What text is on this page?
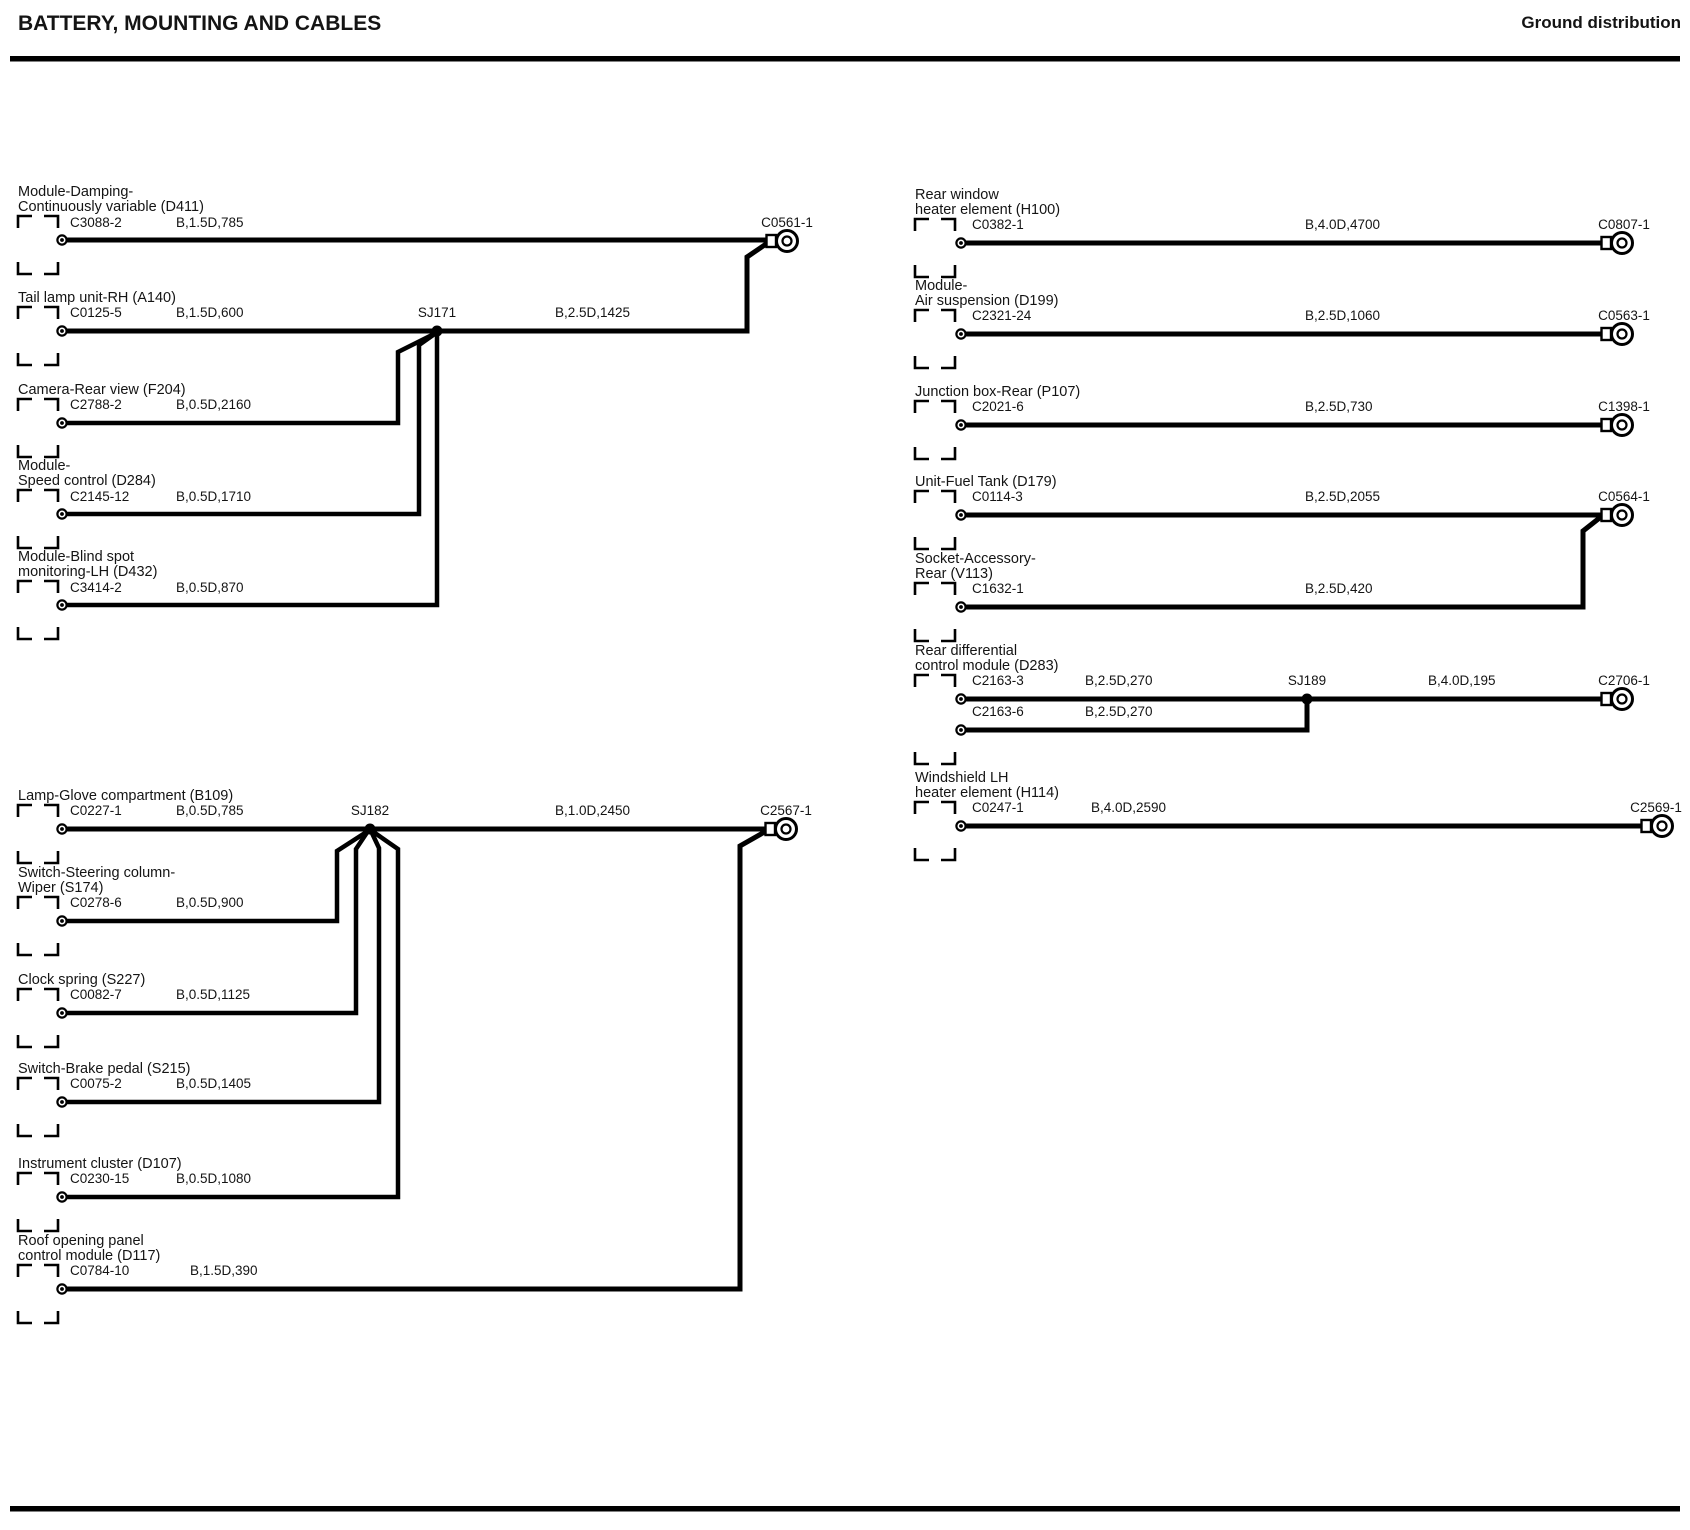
BATTERY, MOUNTING AND CABLES	Ground distribution
Module-Damping-
Continuously variable (D411)
C3088-2	B,1.5D,785	C0561-1
Tail lamp unit-RH (A140)
C0125-5	B,1.5D,600	SJ171	B,2.5D,1425
Camera-Rear view (F204)
C2788-2	B,0.5D,2160
Module-
Speed control (D284)
C2145-12	B,0.5D,1710
Module-Blind spot
monitoring-LH (D432)
C3414-2	B,0.5D,870
Lamp-Glove compartment (B109)
C0227-1	B,0.5D,785	SJ182	B,1.0D,2450	C2567-1
Switch-Steering column-
Wiper (S174)
C0278-6	B,0.5D,900
Clock spring (S227)
C0082-7	B,0.5D,1125
Switch-Brake pedal (S215)
C0075-2	B,0.5D,1405
Instrument cluster (D107)
C0230-15	B,0.5D,1080
Roof opening panel
control module (D117)
C0784-10	B,1.5D,390
Rear window
heater element (H100)
C0382-1	B,4.0D,4700	C0807-1
Module-
Air suspension (D199)
C2321-24	B,2.5D,1060	C0563-1
Junction box-Rear (P107)
C2021-6	B,2.5D,730	C1398-1
Unit-Fuel Tank (D179)
C0114-3	B,2.5D,2055	C0564-1
Socket-Accessory-
Rear (V113)
C1632-1	B,2.5D,420
Rear differential
control module (D283)
C2163-3	B,2.5D,270	SJ189	B,4.0D,195	C2706-1
C2163-6	B,2.5D,270
Windshield LH
heater element (H114)
C0247-1	B,4.0D,2590	C2569-1
